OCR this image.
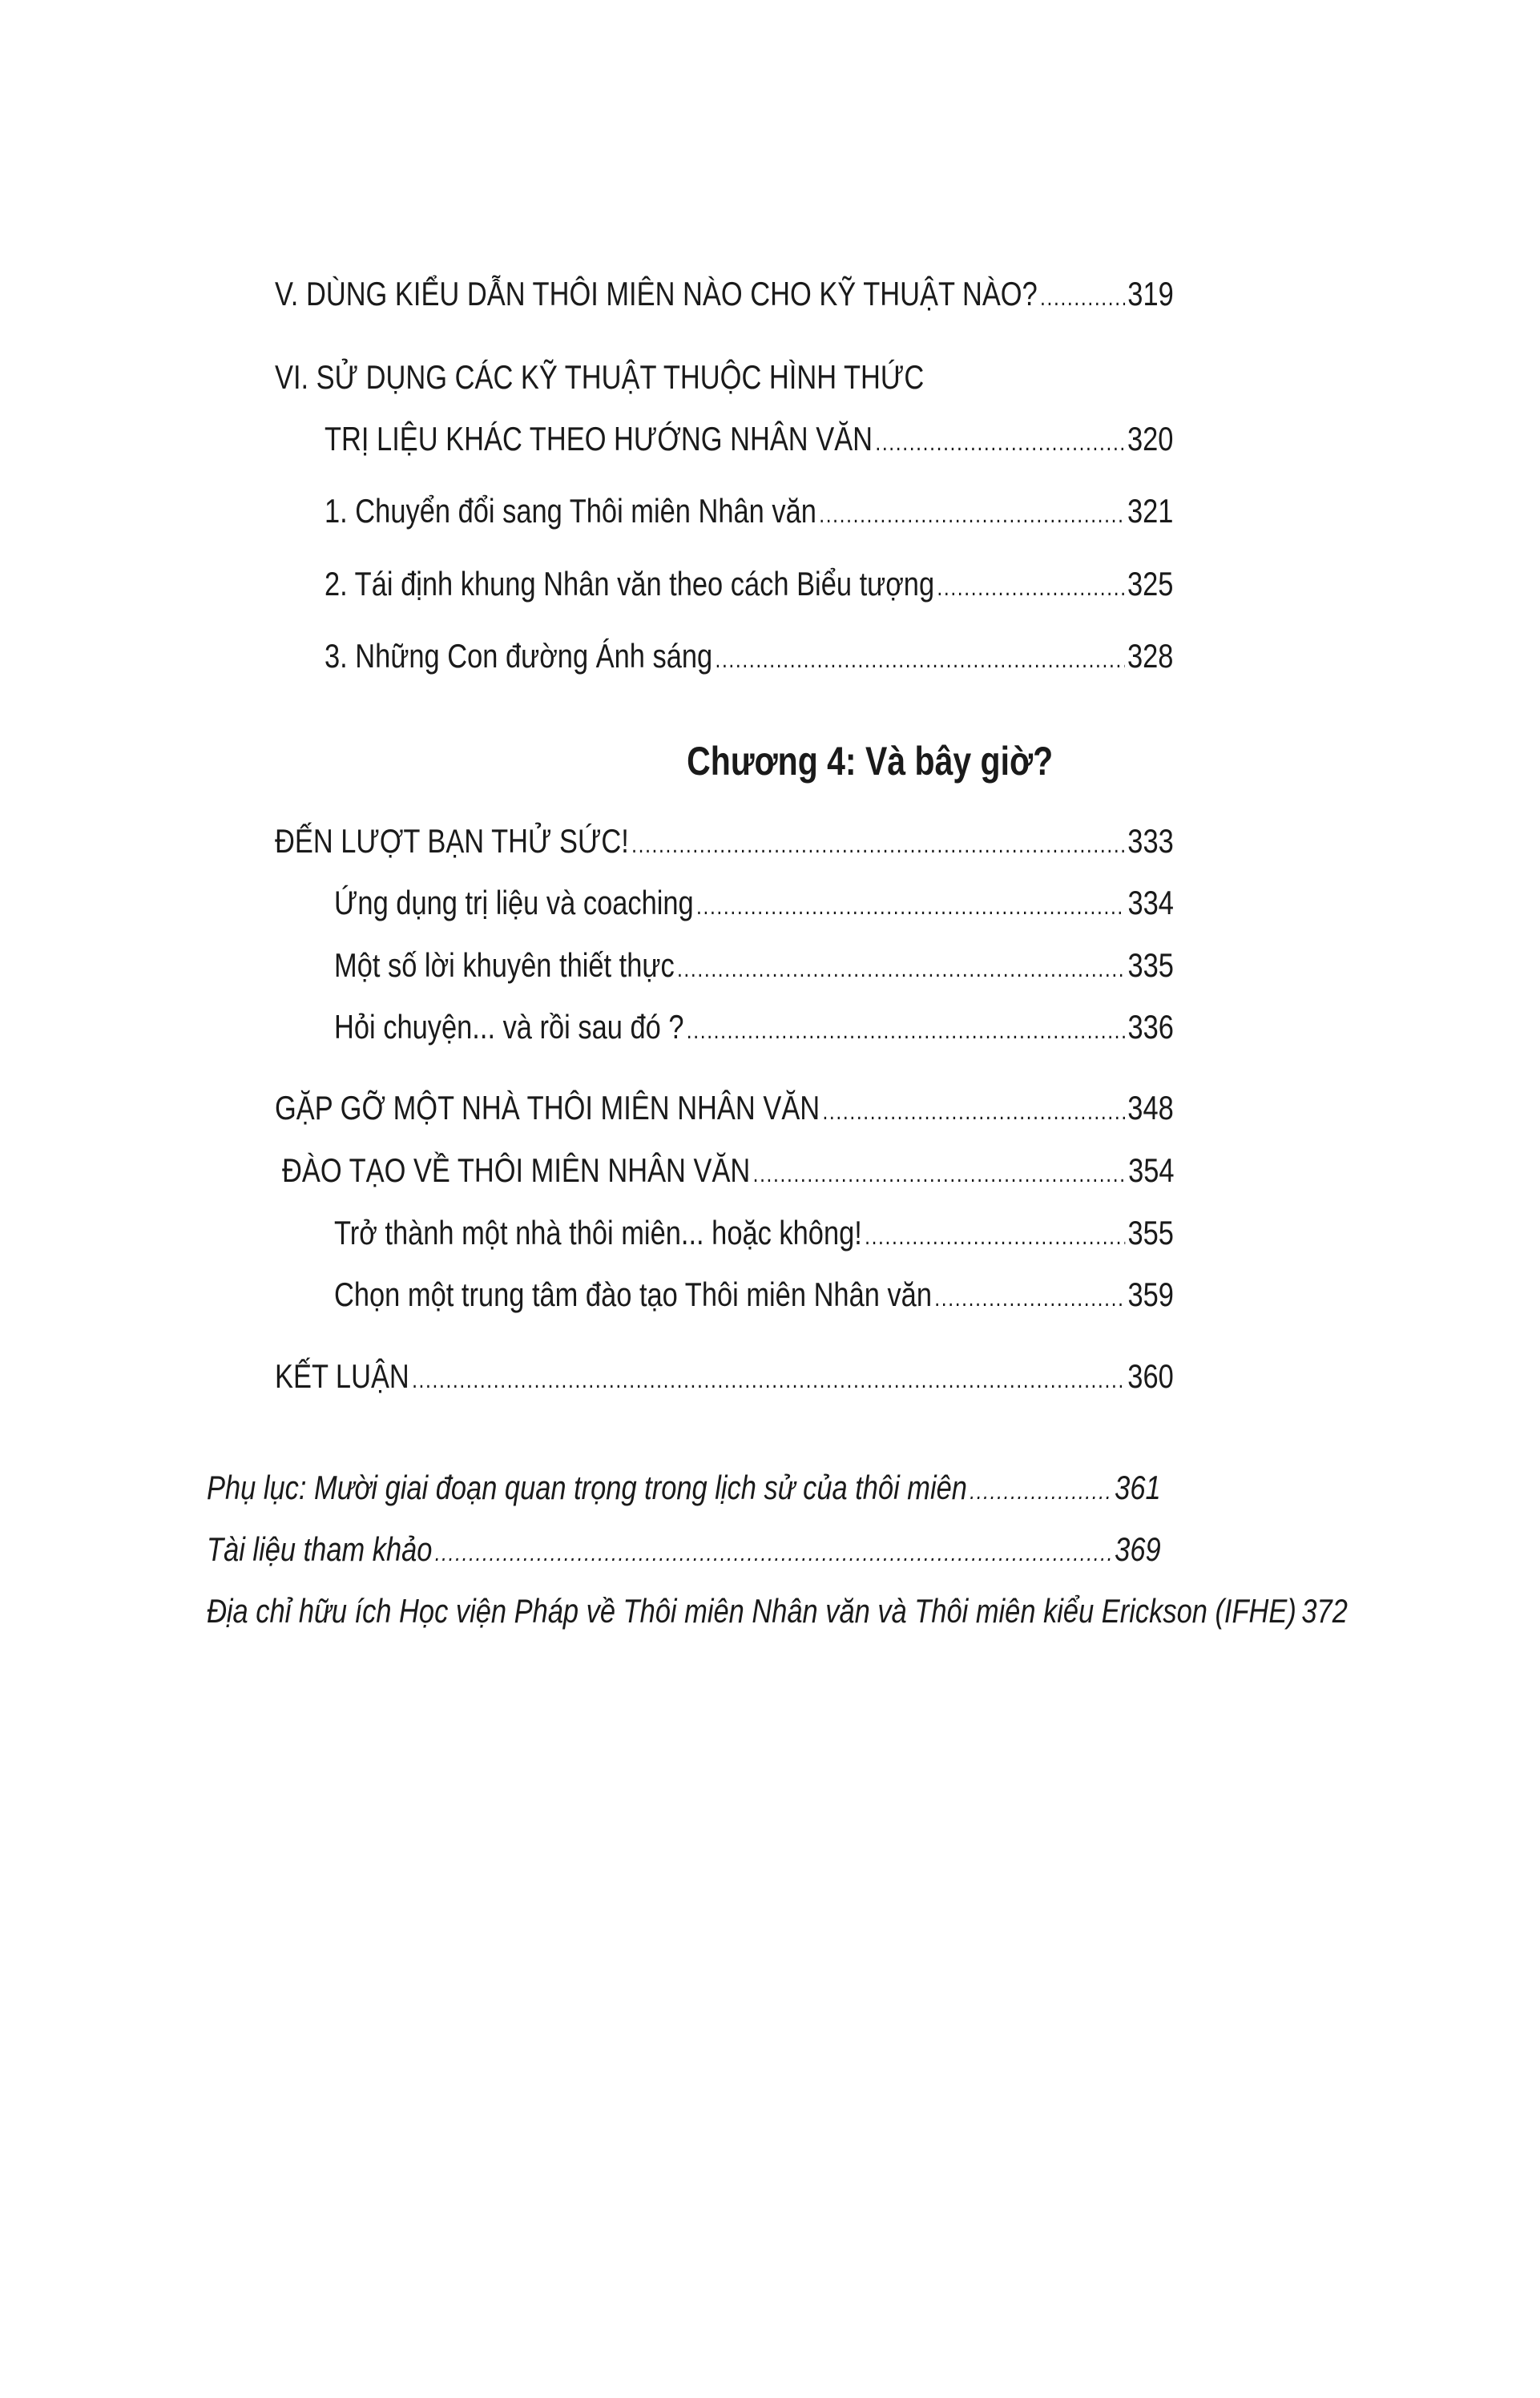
V. DÙNG KIỂU DẪN THÔI MIÊN NÀO CHO KỸ THUẬT NÀO? .....	319
VI. SỬ DỤNG CÁC KỸ THUẬT THUỘC HÌNH THỨC
TRỊ LIỆU KHÁC THEO HƯỚNG NHÂN VĂN .....	320
1. Chuyển đổi sang Thôi miên Nhân văn .....	321
2. Tái định khung Nhân văn theo cách Biểu tượng .....	325
3. Những Con đường Ánh sáng .....	328
Chương 4: Và bây giờ?
ĐẾN LƯỢT BẠN THỬ SỨC! .....	333
Ứng dụng trị liệu và coaching .....	334
Một số lời khuyên thiết thực .....	335
Hỏi chuyện... và rồi sau đó ? .....	336
GẶP GỠ MỘT NHÀ THÔI MIÊN NHÂN VĂN .....	348
ĐÀO TẠO VỀ THÔI MIÊN NHÂN VĂN .....	354
Trở thành một nhà thôi miên... hoặc không! .....	355
Chọn một trung tâm đào tạo Thôi miên Nhân văn .....	359
KẾT LUẬN .....	360
Phụ lục: Mười giai đoạn quan trọng trong lịch sử của thôi miên .....	361
Tài liệu tham khảo .....	369
Địa chỉ hữu ích Học viện Pháp về Thôi miên Nhân văn và Thôi miên kiểu Erickson (IFHE) 372
